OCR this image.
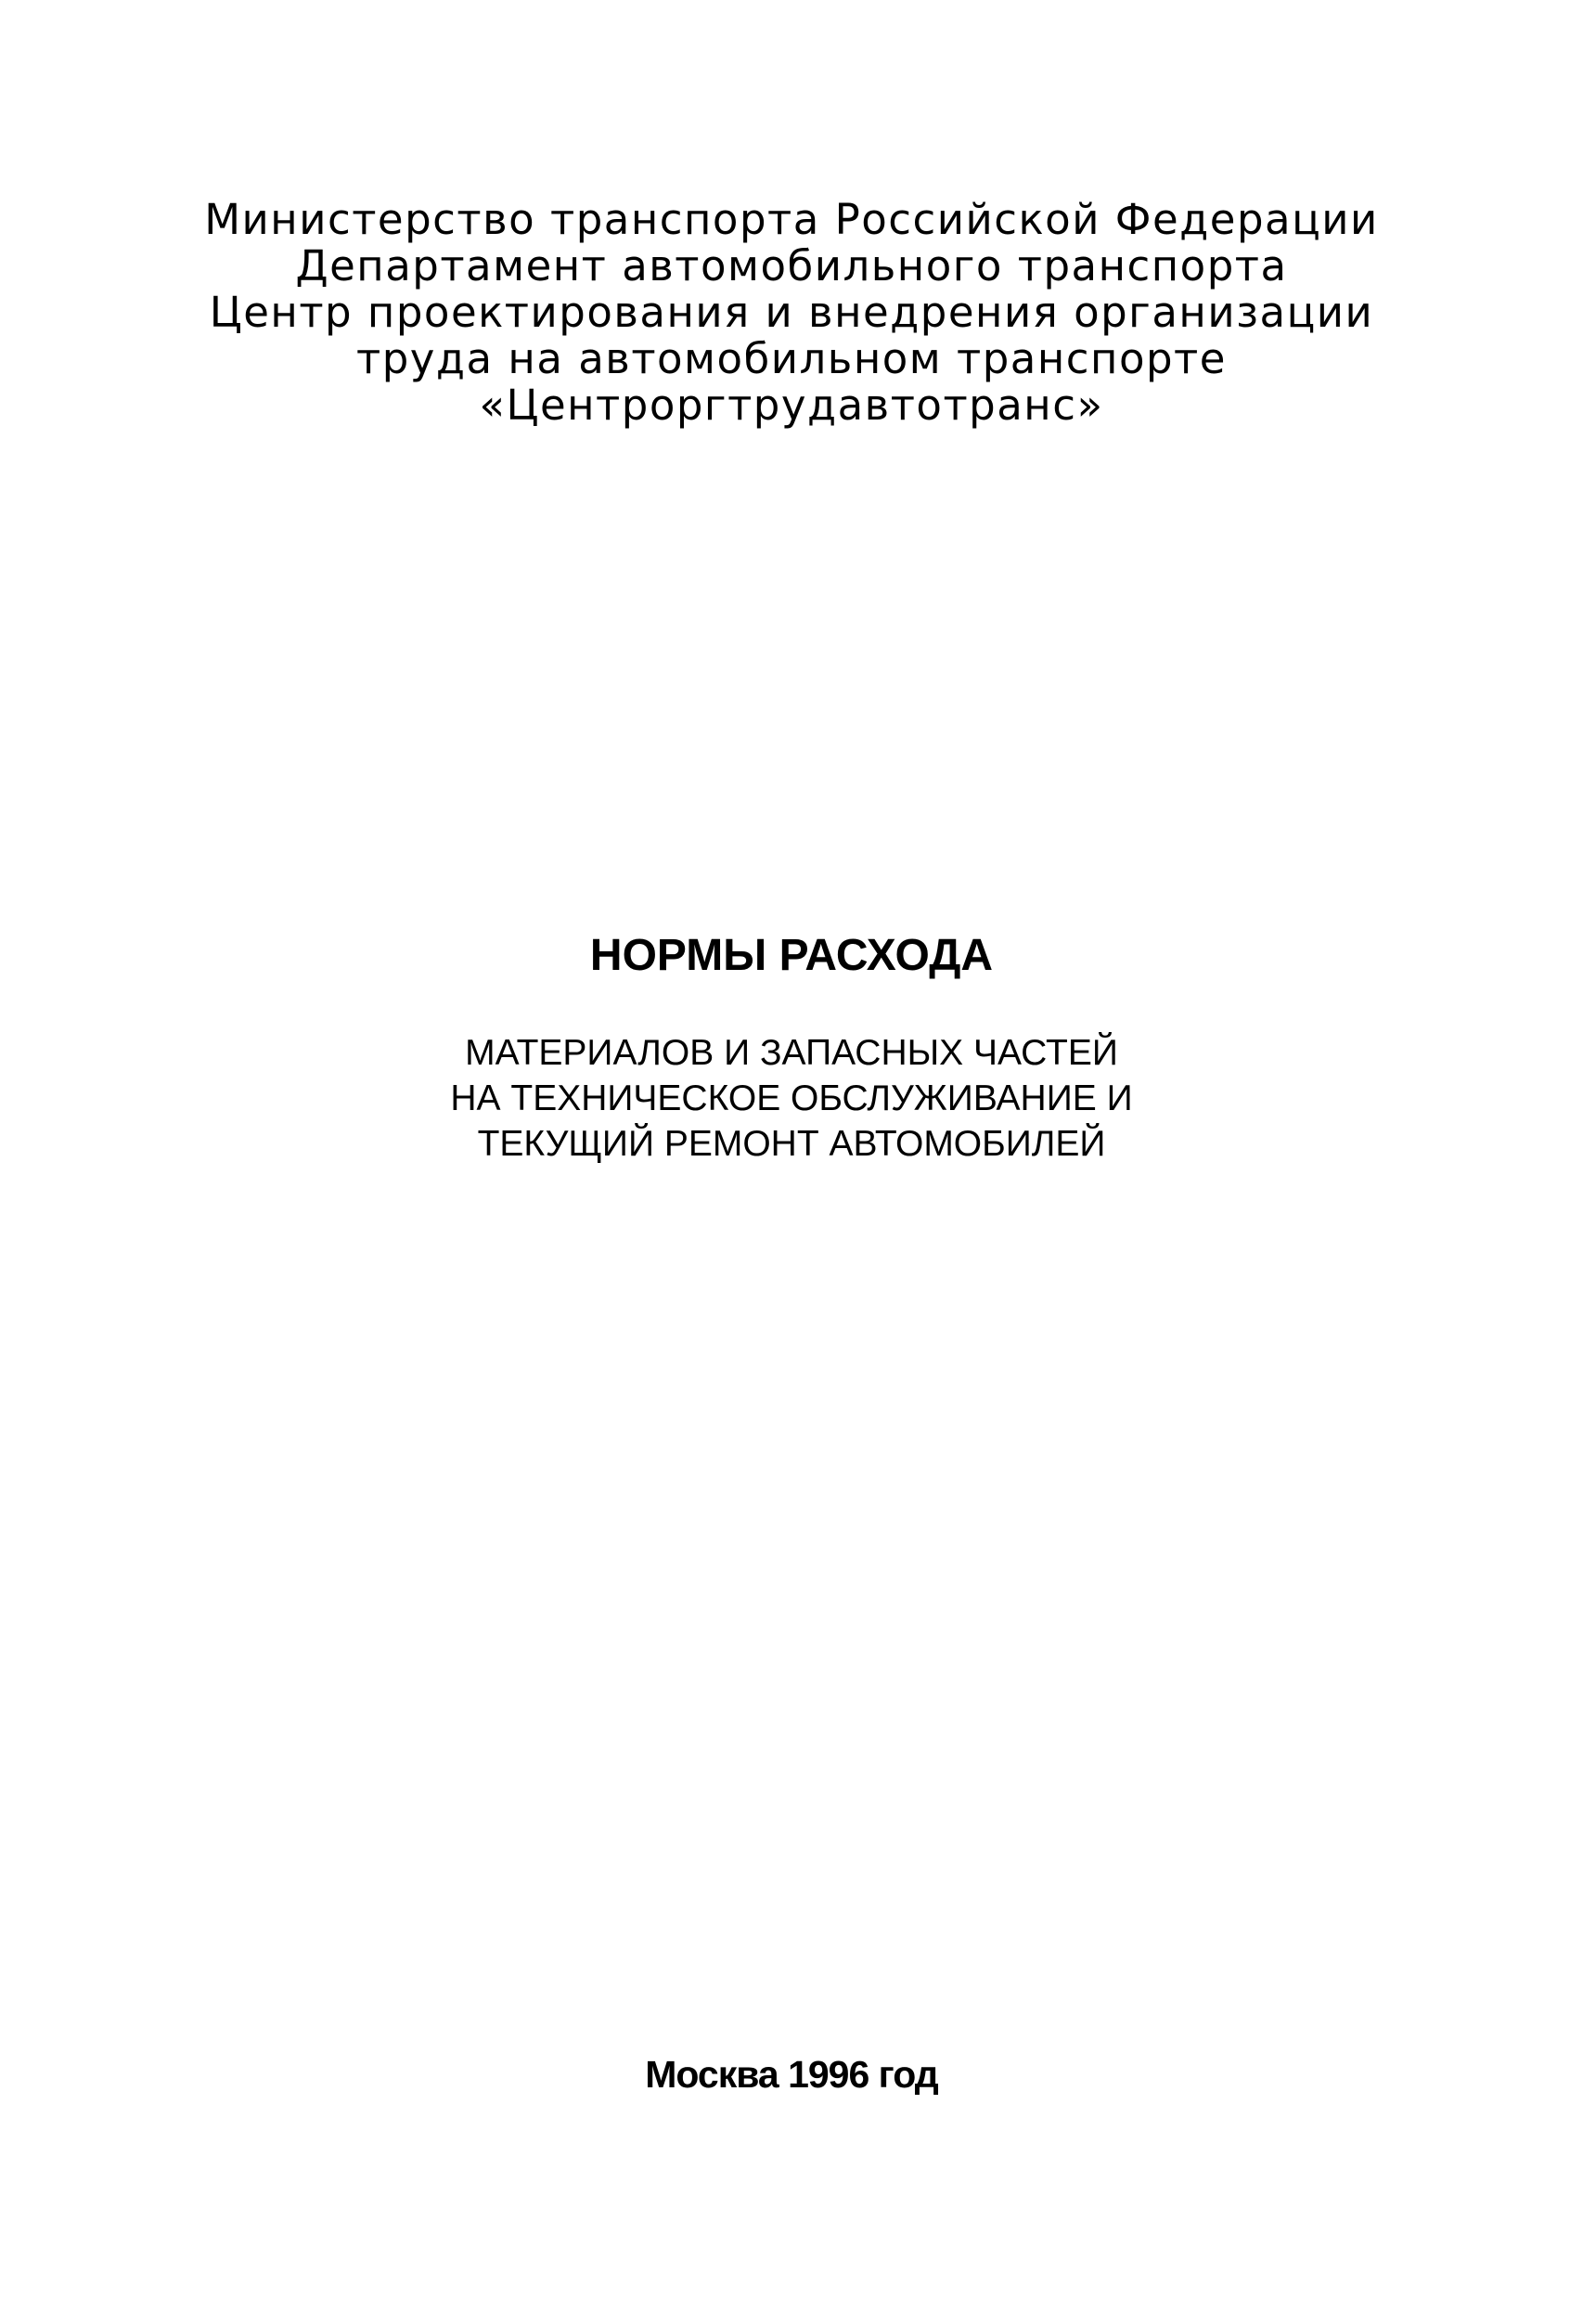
Министерство транспорта Российской Федерации
Департамент автомобильного транспорта
Центр проектирования и внедрения организации
труда на автомобильном транспорте
«Центроргтрудавтотранс»
НОРМЫ РАСХОДА
МАТЕРИАЛОВ И ЗАПАСНЫХ ЧАСТЕЙ
НА ТЕХНИЧЕСКОЕ ОБСЛУЖИВАНИЕ И
ТЕКУЩИЙ РЕМОНТ АВТОМОБИЛЕЙ
Москва 1996 год
